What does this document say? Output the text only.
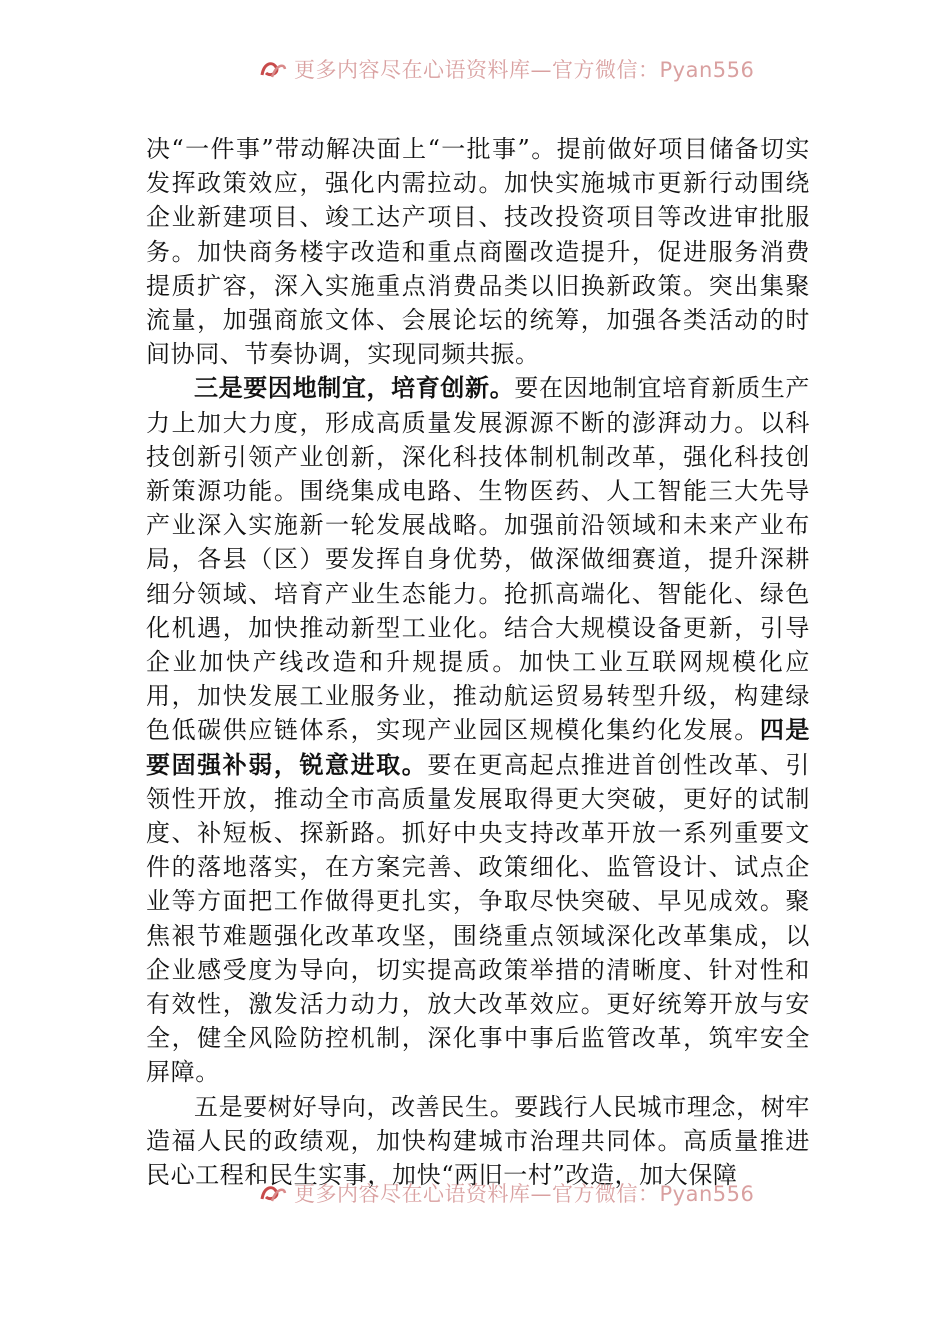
更多内容尽在心语资料库—官方微信：Pyan556

决“一件事”带动解决面上“一批事”。提前做好项目储备切实发挥政策效应，强化内需拉动。加快实施城市更新行动围绕企业新建项目、竣工达产项目、技改投资项目等改进审批服务。加快商务楼宇改造和重点商圈改造提升，促进服务消费提质扩容，深入实施重点消费品类以旧换新政策。突出集聚流量，加强商旅文体、会展论坛的统筹，加强各类活动的时间协同、节奏协调，实现同频共振。

三是要因地制宜，培育创新。要在因地制宜培育新质生产力上加大力度，形成高质量发展源源不断的澎湃动力。以科技创新引领产业创新，深化科技体制机制改革，强化科技创新策源功能。围绕集成电路、生物医药、人工智能三大先导产业深入实施新一轮发展战略。加强前沿领域和未来产业布局，各县（区）要发挥自身优势，做深做细赛道，提升深耕细分领域、培育产业生态能力。抢抓高端化、智能化、绿色化机遇，加快推动新型工业化。结合大规模设备更新，引导企业加快产线改造和升规提质。加快工业互联网规模化应用，加快发展工业服务业，推动航运贸易转型升级，构建绿色低碳供应链体系，实现产业园区规模化集约化发展。四是要固强补弱，锐意进取。要在更高起点推进首创性改革、引领性开放，推动全市高质量发展取得更大突破，更好的试制度、补短板、探新路。抓好中央支持改革开放一系列重要文件的落地落实，在方案完善、政策细化、监管设计、试点企业等方面把工作做得更扎实，争取尽快突破、早见成效。聚焦裉节难题强化改革攻坚，围绕重点领域深化改革集成，以企业感受度为导向，切实提高政策举措的清晰度、针对性和有效性，激发活力动力，放大改革效应。更好统筹开放与安全，健全风险防控机制，深化事中事后监管改革，筑牢安全屏障。

五是要树好导向，改善民生。要践行人民城市理念，树牢造福人民的政绩观，加快构建城市治理共同体。高质量推进民心工程和民生实事，加快“两旧一村”改造，加大保障

更多内容尽在心语资料库—官方微信：Pyan556
